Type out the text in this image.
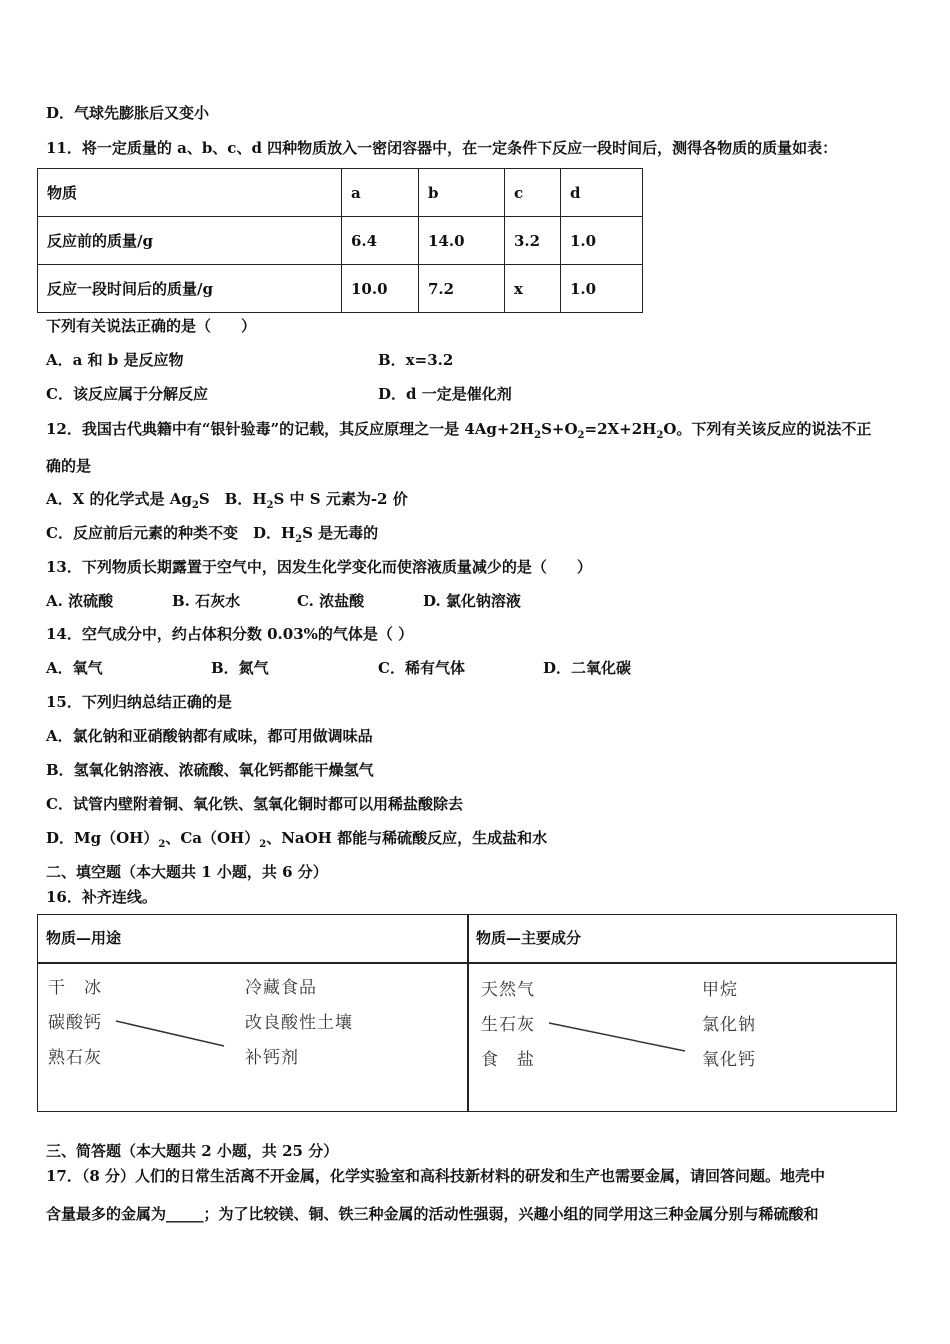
D．气球先膨胀后又变小
11．将一定质量的 a、b、c、d 四种物质放入一密闭容器中，在一定条件下反应一段时间后，测得各物质的质量如表：
物质	a	b	c	d
反应前的质量/g	6.4	14.0	3.2	1.0
反应一段时间后的质量/g	10.0	7.2	x	1.0
下列有关说法正确的是（　　）
A．a 和 b 是反应物	B．x=3.2
C．该反应属于分解反应	D．d 一定是催化剂
12．我国古代典籍中有“银针验毒”的记载，其反应原理之一是 $4Ag+2H_2S+O_2=2X+2H_2O$。下列有关该反应的说法不正
确的是
A．X 的化学式是 $Ag_2S$　B．$H_2S$ 中 S 元素为-2 价
C．反应前后元素的种类不变　D．$H_2S$ 是无毒的
13．下列物质长期露置于空气中，因发生化学变化而使溶液质量减少的是（　　）
A. 浓硫酸	B. 石灰水	C. 浓盐酸	D. 氯化钠溶液
14．空气成分中，约占体积分数 0.03%的气体是（ ）
A．氧气	B．氮气	C．稀有气体	D．二氧化碳
15．下列归纳总结正确的是
A．氯化钠和亚硝酸钠都有咸味，都可用做调味品
B．氢氧化钠溶液、浓硫酸、氧化钙都能干燥氢气
C．试管内壁附着铜、氧化铁、氢氧化铜时都可以用稀盐酸除去
D．$Mg(OH)_2$、$Ca(OH)_2$、NaOH 都能与稀硫酸反应，生成盐和水
二、填空题（本大题共 1 小题，共 6 分）
16．补齐连线。
物质—用途	物质—主要成分
干　冰
碳酸钙
熟石灰
冷藏食品
改良酸性土壤
补钙剂
天然气
生石灰
食　盐
甲烷
氯化钠
氧化钙
三、简答题（本大题共 2 小题，共 25 分）
17．（8 分）人们的日常生活离不开金属，化学实验室和高科技新材料的研发和生产也需要金属，请回答问题。地壳中
含量最多的金属为_____；为了比较镁、铜、铁三种金属的活动性强弱，兴趣小组的同学用这三种金属分别与稀硫酸和
